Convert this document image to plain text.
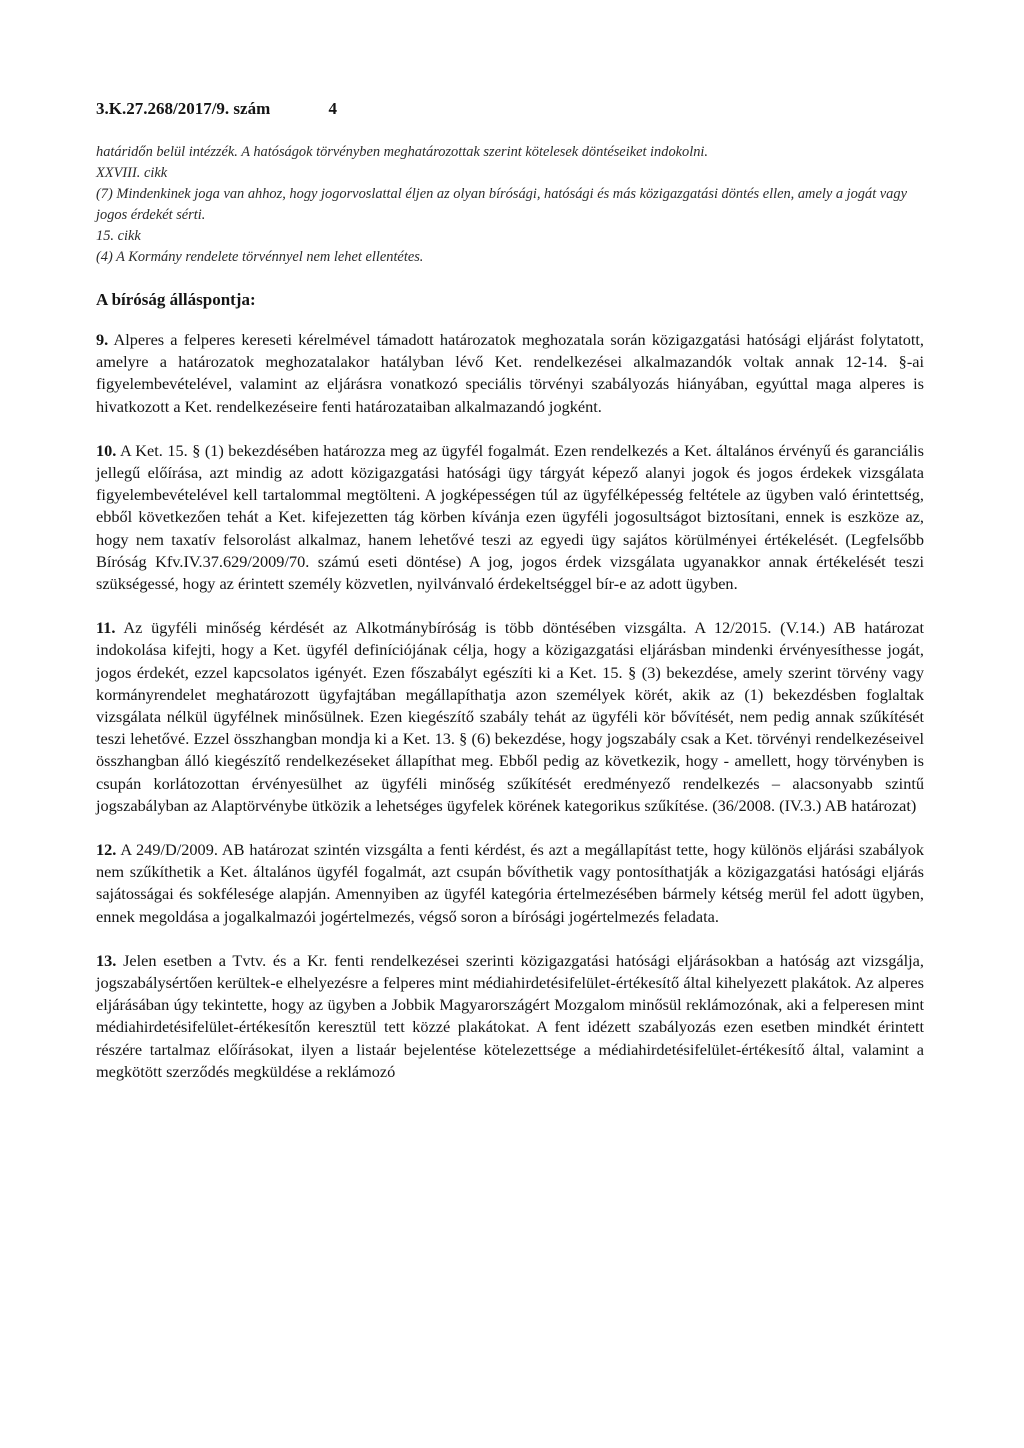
3.K.27.268/2017/9. szám	4

határidőn belül intézzék. A hatóságok törvényben meghatározottak szerint kötelesek döntéseiket indokolni.

XXVIII. cikk

(7) Mindenkinek joga van ahhoz, hogy jogorvoslattal éljen az olyan bírósági, hatósági és más közigazgatási döntés ellen, amely a jogát vagy jogos érdekét sérti.

15. cikk

(4) A Kormány rendelete törvénnyel nem lehet ellentétes.

A bíróság álláspontja:

9. Alperes a felperes kereseti kérelmével támadott határozatok meghozatala során közigazgatási hatósági eljárást folytatott, amelyre a határozatok meghozatalakor hatályban lévő Ket. rendelkezései alkalmazandók voltak annak 12-14. §-ai figyelembevételével, valamint az eljárásra vonatkozó speciális törvényi szabályozás hiányában, egyúttal maga alperes is hivatkozott a Ket. rendelkezéseire fenti határozataiban alkalmazandó jogként.

10. A Ket. 15. § (1) bekezdésében határozza meg az ügyfél fogalmát. Ezen rendelkezés a Ket. általános érvényű és garanciális jellegű előírása, azt mindig az adott közigazgatási hatósági ügy tárgyát képező alanyi jogok és jogos érdekek vizsgálata figyelembevételével kell tartalommal megtölteni. A jogképességen túl az ügyfélképesség feltétele az ügyben való érintettség, ebből következően tehát a Ket. kifejezetten tág körben kívánja ezen ügyféli jogosultságot biztosítani, ennek is eszköze az, hogy nem taxatív felsorolást alkalmaz, hanem lehetővé teszi az egyedi ügy sajátos körülményei értékelését. (Legfelsőbb Bíróság Kfv.IV.37.629/2009/70. számú eseti döntése) A jog, jogos érdek vizsgálata ugyanakkor annak értékelését teszi szükségessé, hogy az érintett személy közvetlen, nyilvánvaló érdekeltséggel bír-e az adott ügyben.

11. Az ügyféli minőség kérdését az Alkotmánybíróság is több döntésében vizsgálta. A 12/2015. (V.14.) AB határozat indokolása kifejti, hogy a Ket. ügyfél definíciójának célja, hogy a közigazgatási eljárásban mindenki érvényesíthesse jogát, jogos érdekét, ezzel kapcsolatos igényét. Ezen főszabályt egészíti ki a Ket. 15. § (3) bekezdése, amely szerint törvény vagy kormányrendelet meghatározott ügyfajtában megállapíthatja azon személyek körét, akik az (1) bekezdésben foglaltak vizsgálata nélkül ügyfélnek minősülnek. Ezen kiegészítő szabály tehát az ügyféli kör bővítését, nem pedig annak szűkítését teszi lehetővé. Ezzel összhangban mondja ki a Ket. 13. § (6) bekezdése, hogy jogszabály csak a Ket. törvényi rendelkezéseivel összhangban álló kiegészítő rendelkezéseket állapíthat meg. Ebből pedig az következik, hogy - amellett, hogy törvényben is csupán korlátozottan érvényesülhet az ügyféli minőség szűkítését eredményező rendelkezés – alacsonyabb szintű jogszabályban az Alaptörvénybe ütközik a lehetséges ügyfelek körének kategorikus szűkítése. (36/2008. (IV.3.) AB határozat)

12. A 249/D/2009. AB határozat szintén vizsgálta a fenti kérdést, és azt a megállapítást tette, hogy különös eljárási szabályok nem szűkíthetik a Ket. általános ügyfél fogalmát, azt csupán bővíthetik vagy pontosíthatják a közigazgatási hatósági eljárás sajátosságai és sokfélesége alapján. Amennyiben az ügyfél kategória értelmezésében bármely kétség merül fel adott ügyben, ennek megoldása a jogalkalmazói jogértelmezés, végső soron a bírósági jogértelmezés feladata.

13. Jelen esetben a Tvtv. és a Kr. fenti rendelkezései szerinti közigazgatási hatósági eljárásokban a hatóság azt vizsgálja, jogszabálysértően kerültek-e elhelyezésre a felperes mint médiahirdetésifelület-értékesítő által kihelyezett plakátok. Az alperes eljárásában úgy tekintette, hogy az ügyben a Jobbik Magyarországért Mozgalom minősül reklámozónak, aki a felperesen mint médiahirdetésifelület-értékesítőn keresztül tett közzé plakátokat. A fent idézett szabályozás ezen esetben mindkét érintett részére tartalmaz előírásokat, ilyen a listaár bejelentése kötelezettsége a médiahirdetésifelület-értékesítő által, valamint a megkötött szerződés megküldése a reklámozó
